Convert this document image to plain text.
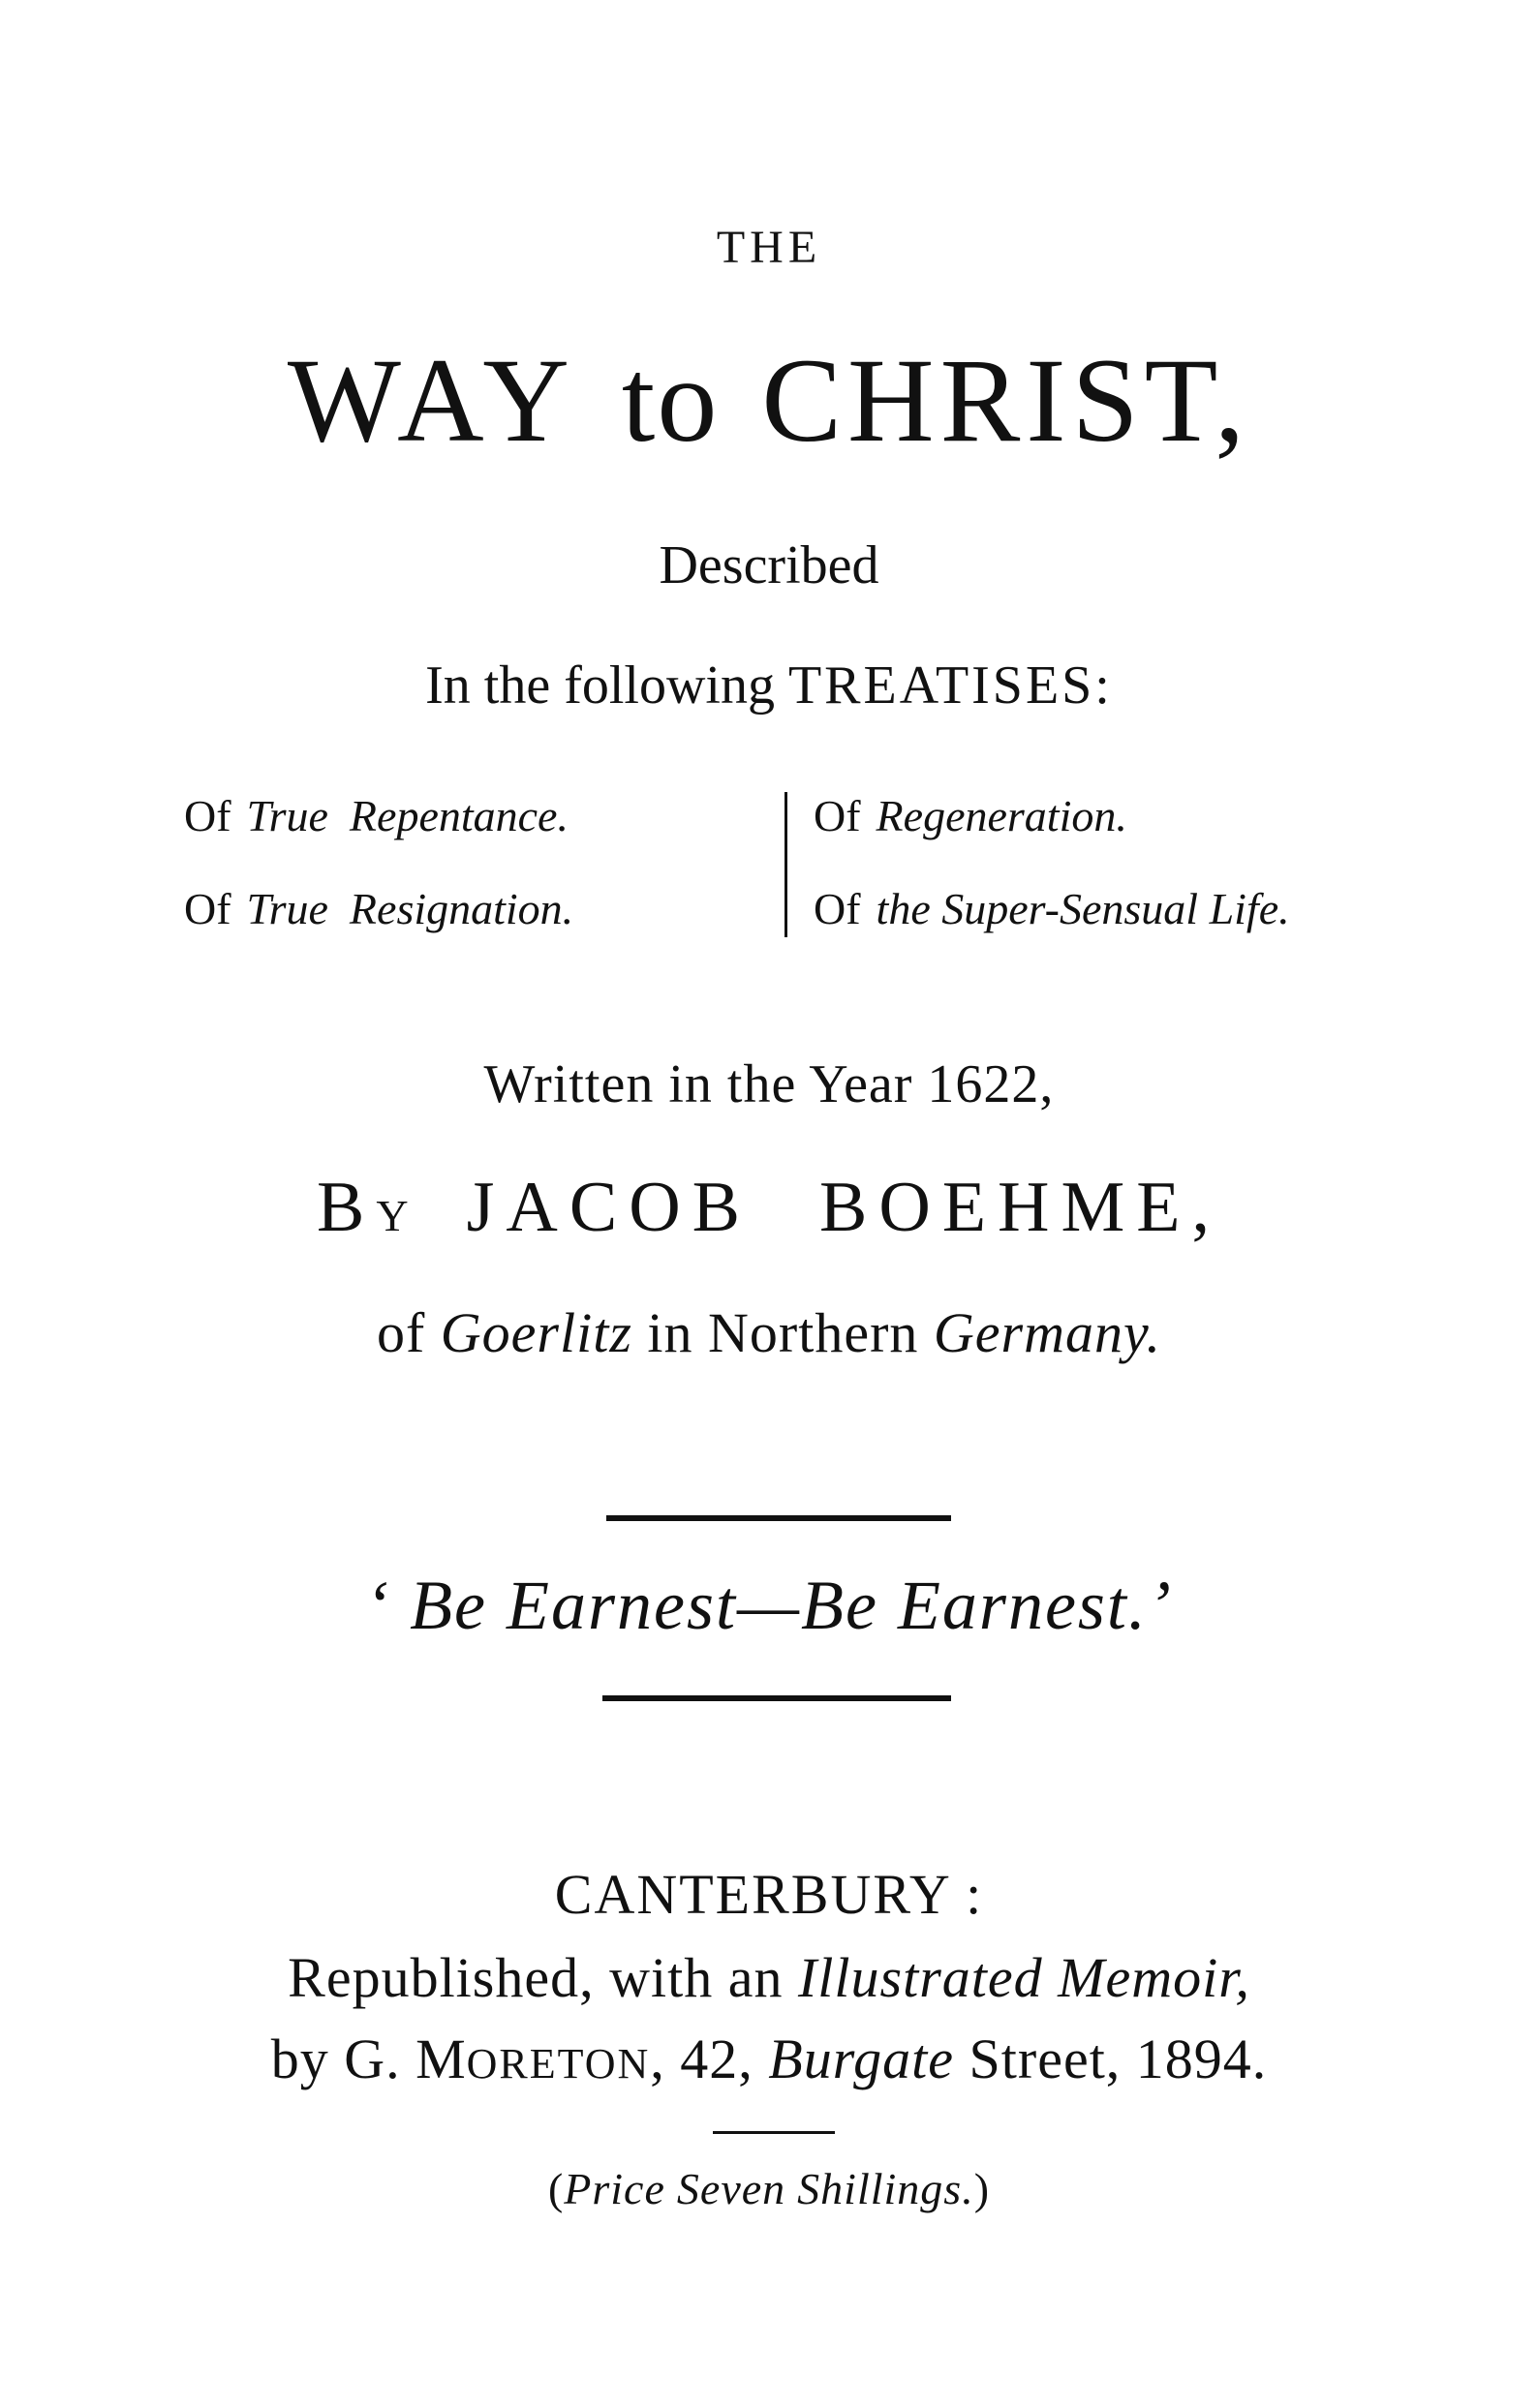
THE
WAY to CHRIST,
Described
In the following TREATISES:
Of True Repentance.
Of True Resignation.
Of Regeneration.
Of the Super-Sensual Life.
Written in the Year 1622,
BY JACOB BOEHME,
of Goerlitz in Northern Germany.
‘ Be Earnest—Be Earnest.’
CANTERBURY :
Republished, with an Illustrated Memoir,
by G. MORETON, 42, Burgate Street, 1894.
(Price Seven Shillings.)
